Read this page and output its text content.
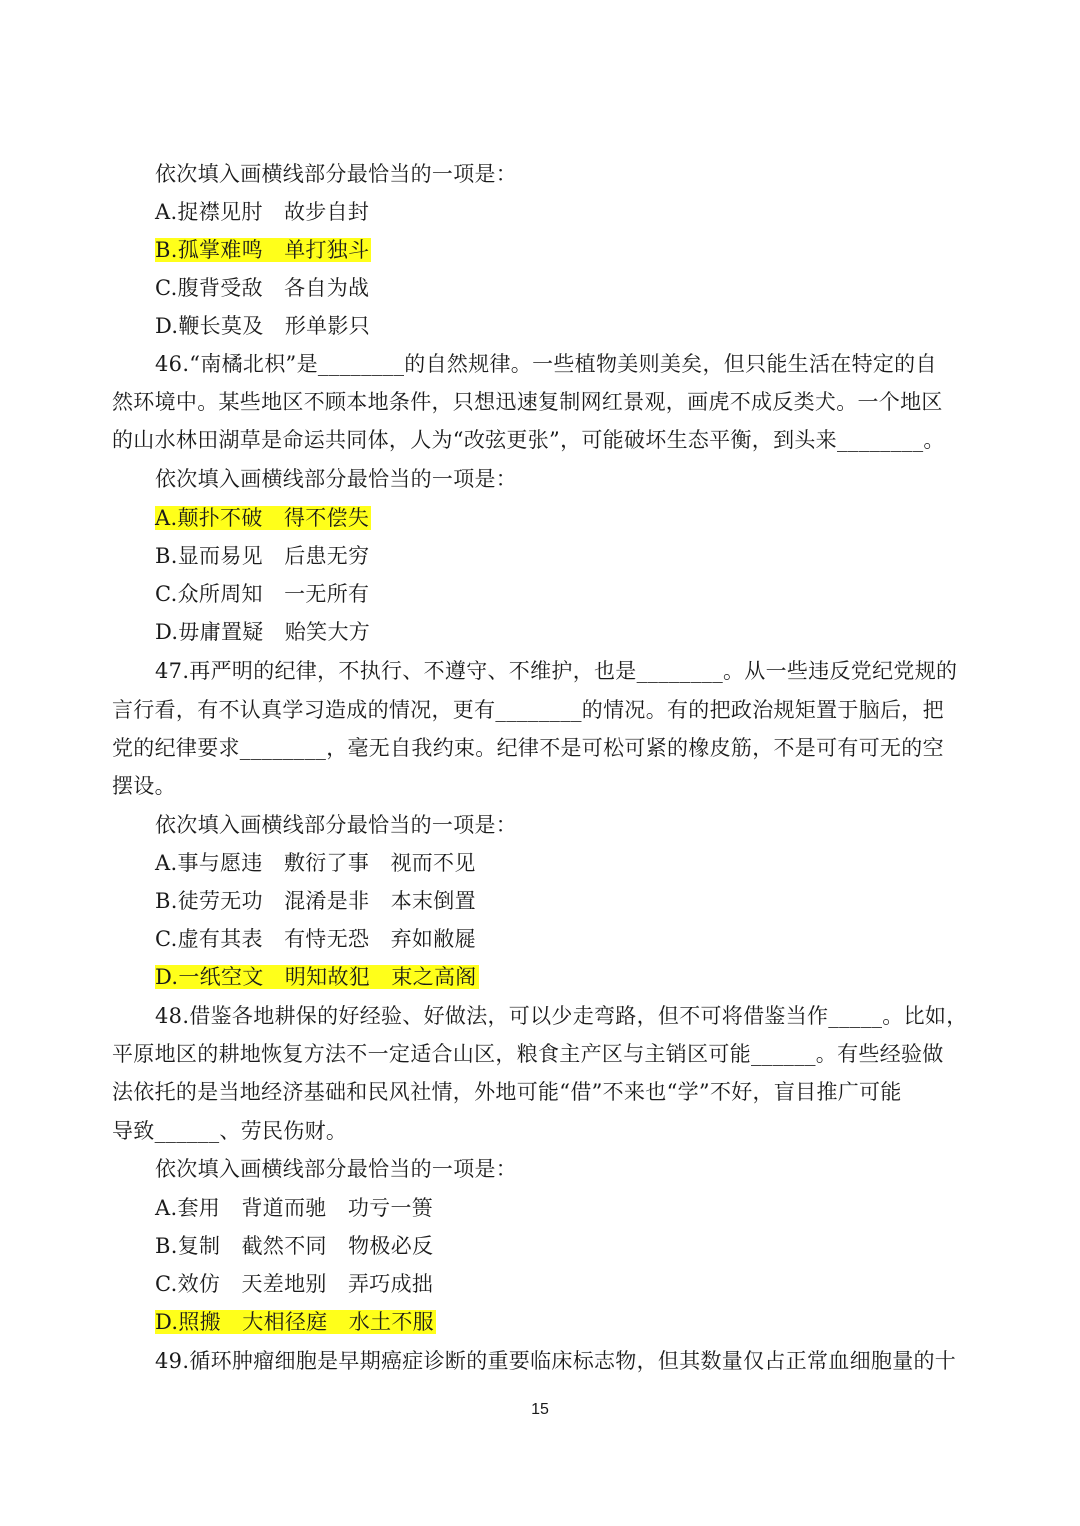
依次填入画横线部分最恰当的一项是：
A.捉襟见肘　故步自封
B.孤掌难鸣　单打独斗
C.腹背受敌　各自为战
D.鞭长莫及　形单影只
46.“南橘北枳”是________的自然规律。一些植物美则美矣，但只能生活在特定的自
然环境中。某些地区不顾本地条件，只想迅速复制网红景观，画虎不成反类犬。一个地区
的山水林田湖草是命运共同体，人为“改弦更张”，可能破坏生态平衡，到头来________。
依次填入画横线部分最恰当的一项是：
A.颠扑不破　得不偿失
B.显而易见　后患无穷
C.众所周知　一无所有
D.毋庸置疑　贻笑大方
47.再严明的纪律，不执行、不遵守、不维护，也是________。从一些违反党纪党规的
言行看，有不认真学习造成的情况，更有________的情况。有的把政治规矩置于脑后，把
党的纪律要求________，毫无自我约束。纪律不是可松可紧的橡皮筋，不是可有可无的空
摆设。
依次填入画横线部分最恰当的一项是：
A.事与愿违　敷衍了事　视而不见
B.徒劳无功　混淆是非　本末倒置
C.虚有其表　有恃无恐　弃如敝屣
D.一纸空文　明知故犯　束之高阁
48.借鉴各地耕保的好经验、好做法，可以少走弯路，但不可将借鉴当作_____。比如，
平原地区的耕地恢复方法不一定适合山区，粮食主产区与主销区可能______。有些经验做
法依托的是当地经济基础和民风社情，外地可能“借”不来也“学”不好，盲目推广可能
导致______、劳民伤财。
依次填入画横线部分最恰当的一项是：
A.套用　背道而驰　功亏一篑
B.复制　截然不同　物极必反
C.效仿　天差地别　弄巧成拙
D.照搬　大相径庭　水土不服
49.循环肿瘤细胞是早期癌症诊断的重要临床标志物，但其数量仅占正常血细胞量的十
15
